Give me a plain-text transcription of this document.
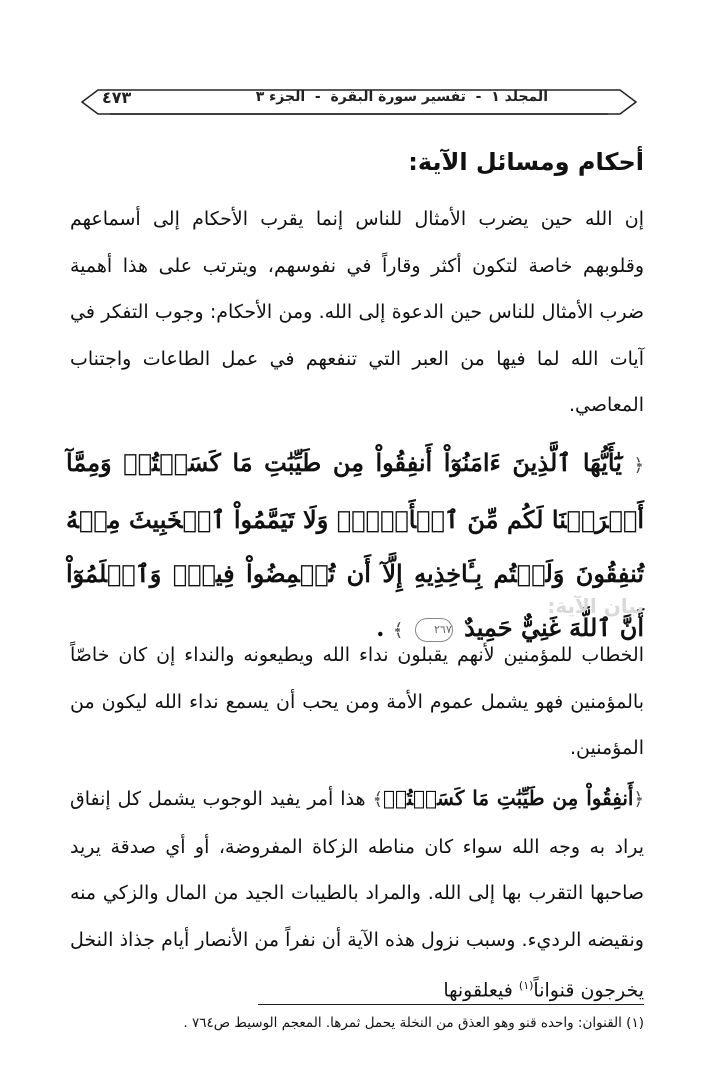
٤٧٣	المجلد ١  -  تفسير سورة البقرة  -  الجزء ٣
أحكام ومسائل الآية:
إن الله حين يضرب الأمثال للناس إنما يقرب الأحكام إلى أسماعهم وقلوبهم خاصة لتكون أكثر وقاراً في نفوسهم، ويترتب على هذا أهمية ضرب الأمثال للناس حين الدعوة إلى الله. ومن الأحكام: وجوب التفكر في آيات الله لما فيها من العبر التي تنفعهم في عمل الطاعات واجتناب المعاصي.
﴿ يَٰٓأَيُّهَا ٱلَّذِينَ ءَامَنُوٓاْ أَنفِقُواْ مِن طَيِّبَٰتِ مَا كَسَبۡتُمۡ وَمِمَّآ أَخۡرَجۡنَا لَكُم مِّنَ ٱلۡأَرۡضِۖ وَلَا تَيَمَّمُواْ ٱلۡخَبِيثَ مِنۡهُ تُنفِقُونَ وَلَسۡتُم بِـَٔاخِذِيهِ إِلَّآ أَن تُغۡمِضُواْ فِيهِۚ وَٱعۡلَمُوٓاْ أَنَّ ٱللَّهَ غَنِيٌّ حَمِيدٌ ٢٦٧ ﴾ .
بيان الآية:
الخطاب للمؤمنين لأنهم يقبلون نداء الله ويطيعونه والنداء إن كان خاصّاً بالمؤمنين فهو يشمل عموم الأمة ومن يحب أن يسمع نداء الله ليكون من المؤمنين.
﴿أَنفِقُواْ مِن طَيِّبَٰتِ مَا كَسَبۡتُمۡ﴾ هذا أمر يفيد الوجوب يشمل كل إنفاق يراد به وجه الله سواء كان مناطه الزكاة المفروضة، أو أي صدقة يريد صاحبها التقرب بها إلى الله. والمراد بالطيبات الجيد من المال والزكي منه ونقيضه الرديء. وسبب نزول هذه الآية أن نفراً من الأنصار أيام جذاذ النخل يخرجون قنواناً$^{(١)}$ فيعلقونها
(١) القنوان: واحده قنو وهو العذق من النخلة يحمل ثمرها. المعجم الوسيط ص٧٦٤ .
